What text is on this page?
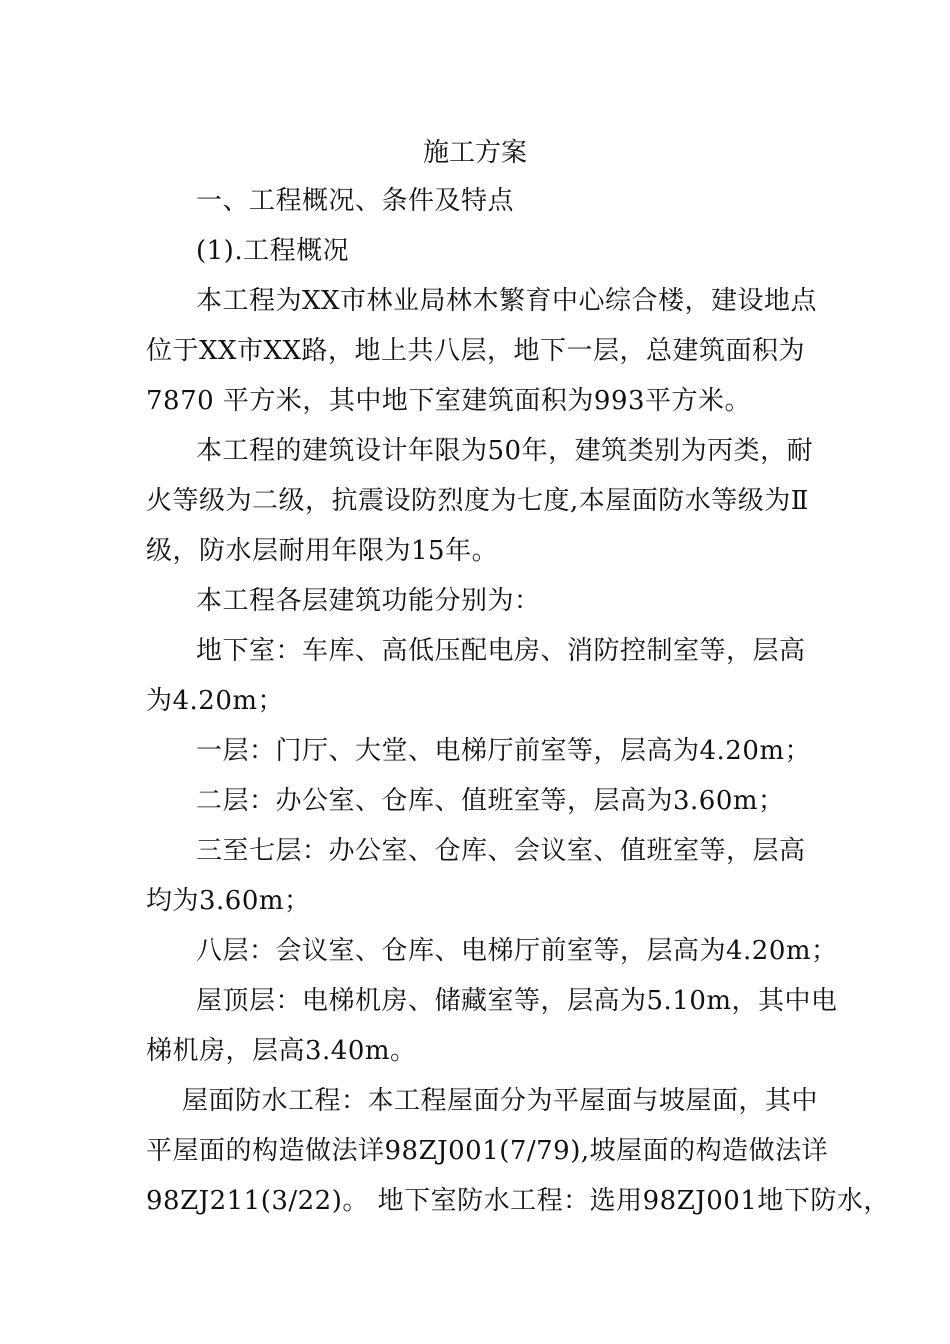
施工方案
一、工程概况、条件及特点
(1).工程概况
本工程为XX市林业局林木繁育中心综合楼，建设地点
位于XX市XX路，地上共八层，地下一层，总建筑面积为
7870 平方米，其中地下室建筑面积为993平方米。
本工程的建筑设计年限为50年，建筑类别为丙类，耐
火等级为二级，抗震设防烈度为七度,本屋面防水等级为Ⅱ
级，防水层耐用年限为15年。
本工程各层建筑功能分别为：
地下室：车库、高低压配电房、消防控制室等，层高
为4.20m；
一层：门厅、大堂、电梯厅前室等，层高为4.20m；
二层：办公室、仓库、值班室等，层高为3.60m；
三至七层：办公室、仓库、会议室、值班室等，层高
均为3.60m；
八层：会议室、仓库、电梯厅前室等，层高为4.20m；
屋顶层：电梯机房、储藏室等，层高为5.10m，其中电
梯机房，层高3.40m。
屋面防水工程：本工程屋面分为平屋面与坡屋面，其中
平屋面的构造做法详98ZJ001(7/79),坡屋面的构造做法详
98ZJ211(3/22)。 地下室防水工程：选用98ZJ001地下防水，
